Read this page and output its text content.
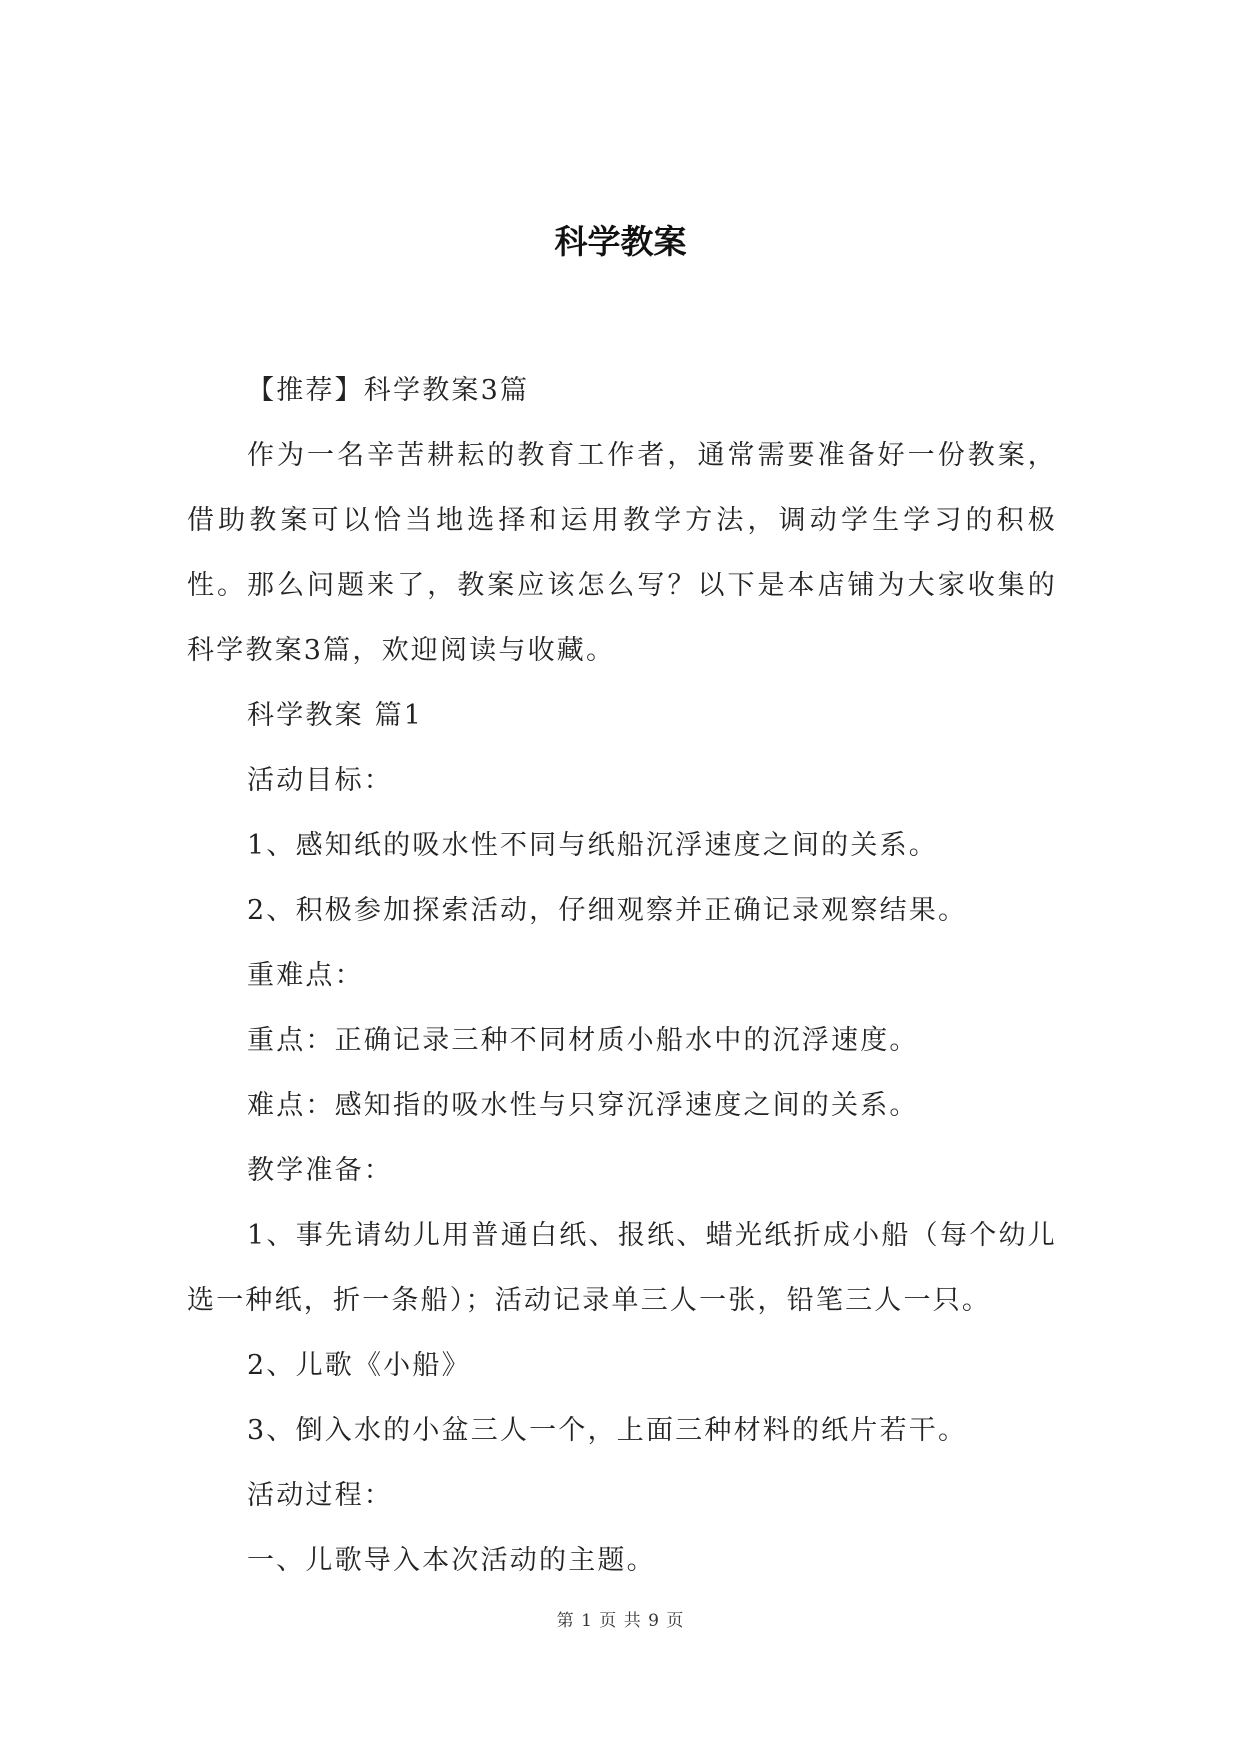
科学教案

【推荐】科学教案3篇

作为一名辛苦耕耘的教育工作者，通常需要准备好一份教案，借助教案可以恰当地选择和运用教学方法，调动学生学习的积极性。那么问题来了，教案应该怎么写？以下是本店铺为大家收集的科学教案3篇，欢迎阅读与收藏。

科学教案 篇1

活动目标：

1、感知纸的吸水性不同与纸船沉浮速度之间的关系。

2、积极参加探索活动，仔细观察并正确记录观察结果。

重难点：

重点：正确记录三种不同材质小船水中的沉浮速度。

难点：感知指的吸水性与只穿沉浮速度之间的关系。

教学准备：

1、事先请幼儿用普通白纸、报纸、蜡光纸折成小船（每个幼儿选一种纸，折一条船）；活动记录单三人一张，铅笔三人一只。

2、儿歌《小船》

3、倒入水的小盆三人一个，上面三种材料的纸片若干。

活动过程：

一、儿歌导入本次活动的主题。

第 1 页 共 9 页
